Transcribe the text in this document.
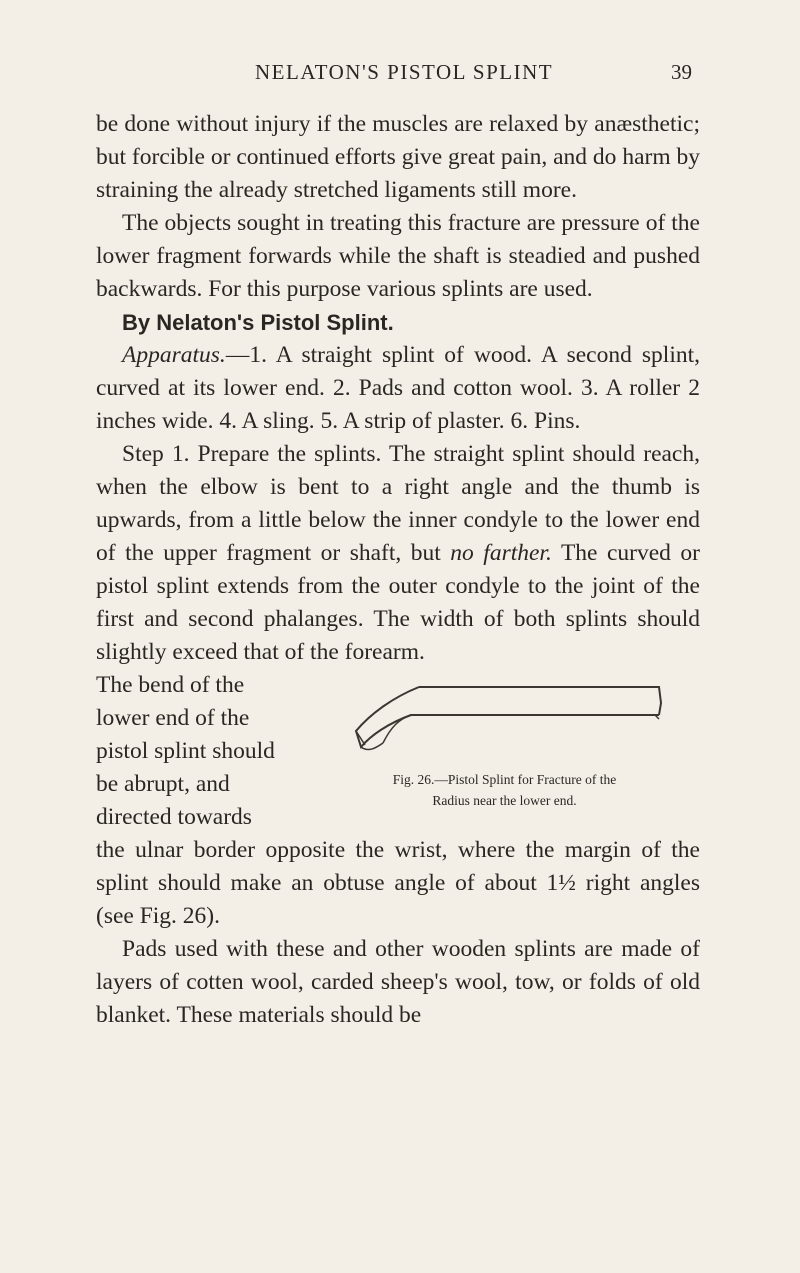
NELATON'S PISTOL SPLINT	39

be done without injury if the muscles are relaxed by anæsthetic; but forcible or continued efforts give great pain, and do harm by straining the already stretched ligaments still more.

The objects sought in treating this fracture are pressure of the lower fragment forwards while the shaft is steadied and pushed backwards. For this purpose various splints are used.

By Nelaton's Pistol Splint.

Apparatus.—1. A straight splint of wood. A second splint, curved at its lower end. 2. Pads and cotton wool. 3. A roller 2 inches wide. 4. A sling. 5. A strip of plaster. 6. Pins.

Step 1. Prepare the splints. The straight splint should reach, when the elbow is bent to a right angle and the thumb is upwards, from a little below the inner condyle to the lower end of the upper fragment or shaft, but no farther. The curved or pistol splint extends from the outer condyle to the joint of the first and second phalanges. The width of both splints should slightly exceed that of the forearm.

The bend of the lower end of the pistol splint should be abrupt, and directed towards
Fig. 26.—Pistol Splint for Fracture of the
Radius near the lower end.

the ulnar border opposite the wrist, where the margin of the splint should make an obtuse angle of about 1½ right angles (see Fig. 26).

Pads used with these and other wooden splints are made of layers of cotten wool, carded sheep's wool, tow, or folds of old blanket. These materials should be
